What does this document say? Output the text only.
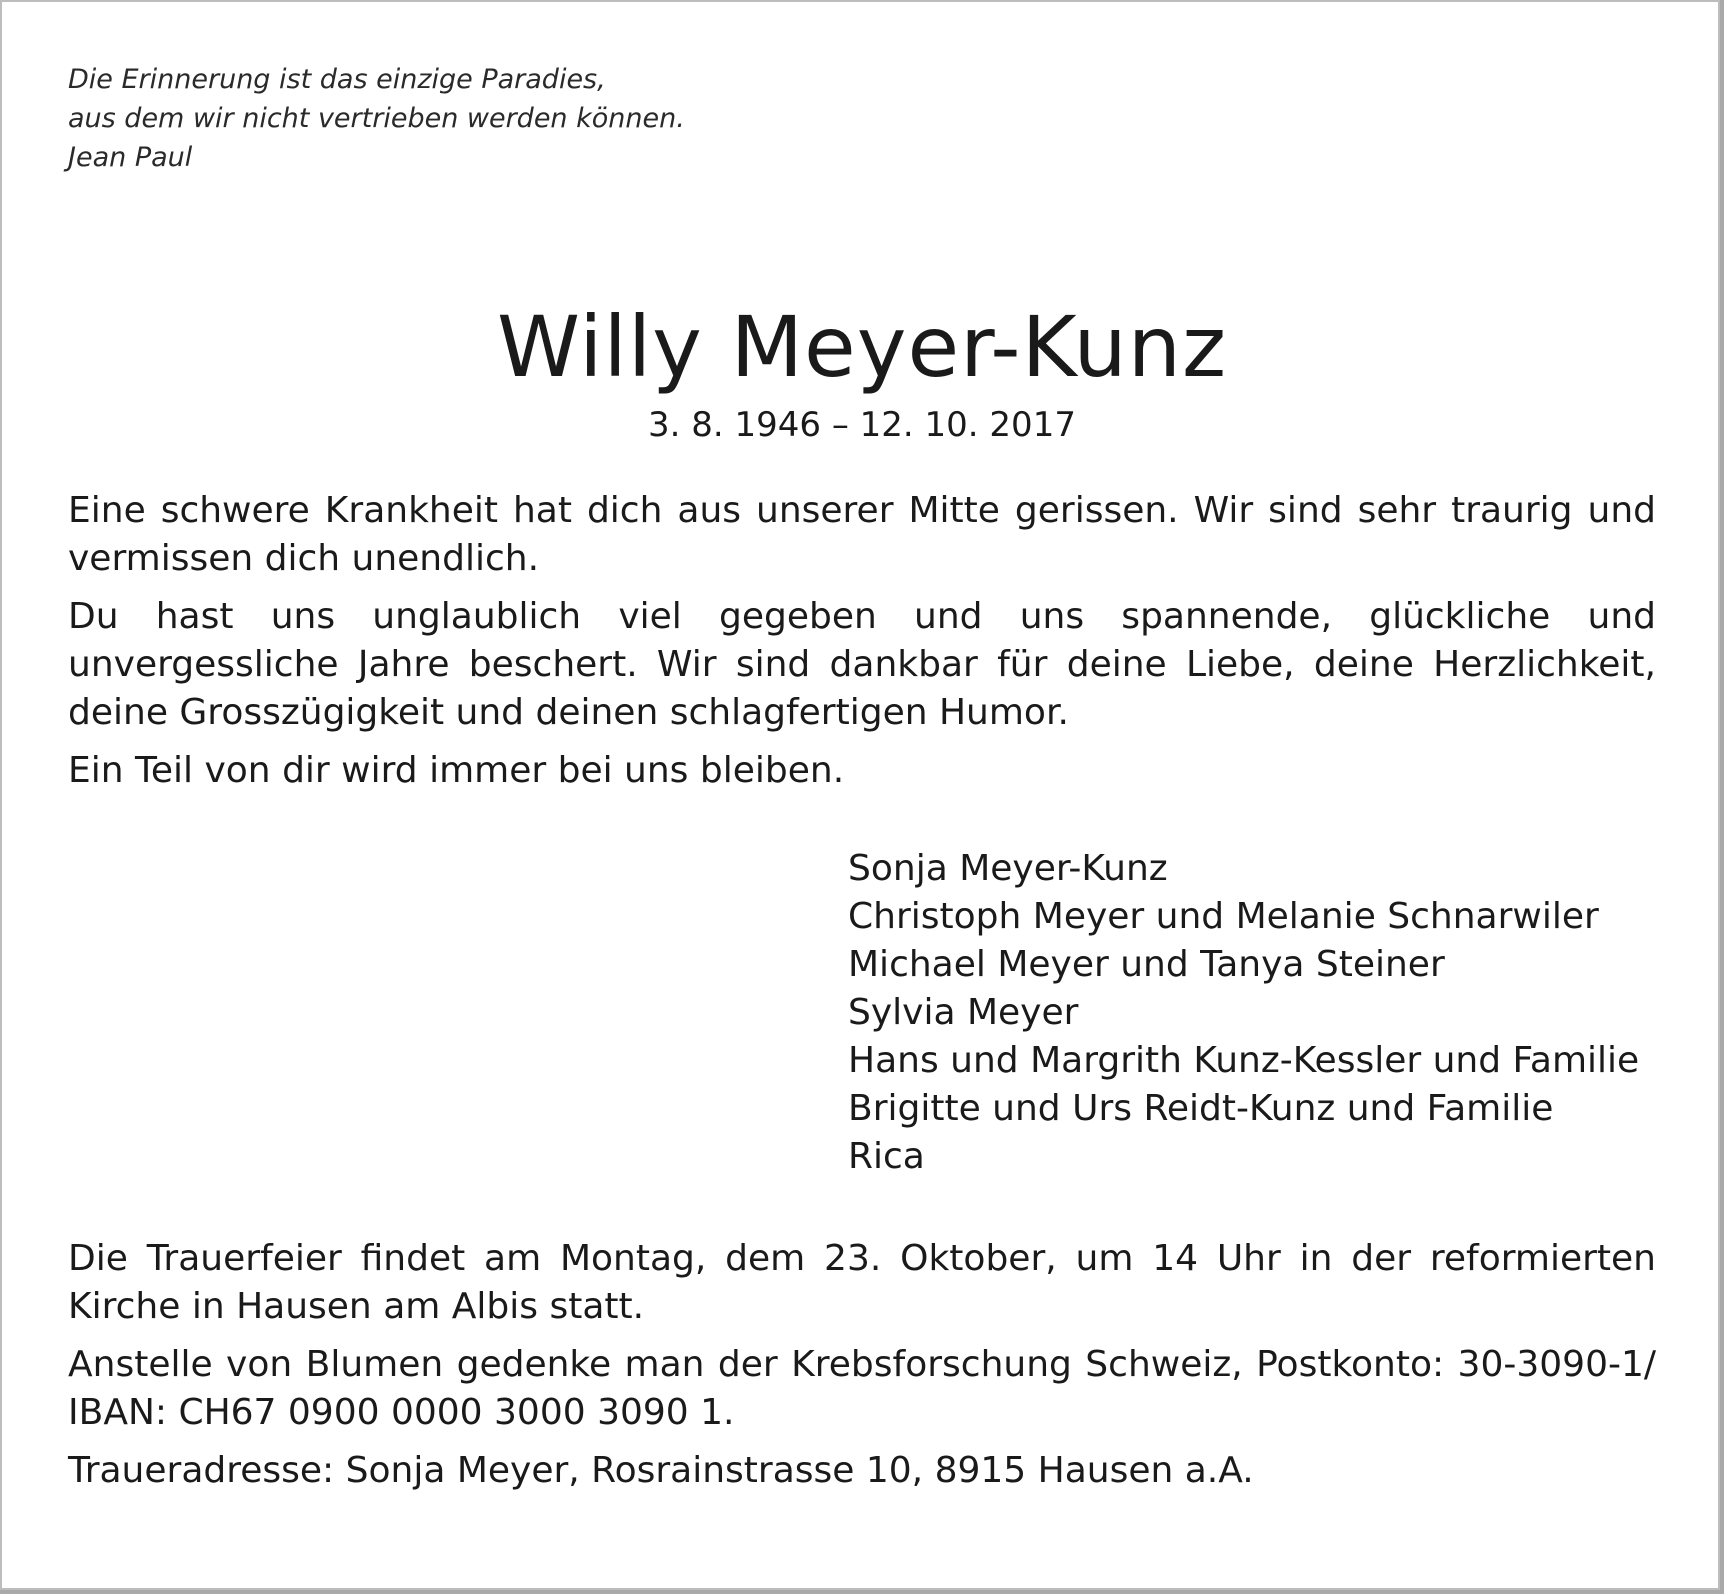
Die Erinnerung ist das einzige Paradies,
aus dem wir nicht vertrieben werden können.
Jean Paul

Willy Meyer-Kunz
3. 8. 1946 – 12. 10. 2017

Eine schwere Krankheit hat dich aus unserer Mitte gerissen. Wir sind sehr traurig und vermissen dich unendlich.

Du hast uns unglaublich viel gegeben und uns spannende, glückliche und unvergessliche Jahre beschert. Wir sind dankbar für deine Liebe, deine Herzlichkeit, deine Grosszügigkeit und deinen schlagfertigen Humor.

Ein Teil von dir wird immer bei uns bleiben.

Sonja Meyer-Kunz
Christoph Meyer und Melanie Schnarwiler
Michael Meyer und Tanya Steiner
Sylvia Meyer
Hans und Margrith Kunz-Kessler und Familie
Brigitte und Urs Reidt-Kunz und Familie
Rica

Die Trauerfeier findet am Montag, dem 23. Oktober, um 14 Uhr in der reformierten Kirche in Hausen am Albis statt.

Anstelle von Blumen gedenke man der Krebsforschung Schweiz, Postkonto: 30-3090-1/ IBAN: CH67 0900 0000 3000 3090 1.

Traueradresse: Sonja Meyer, Rosrainstrasse 10, 8915 Hausen a.A.
